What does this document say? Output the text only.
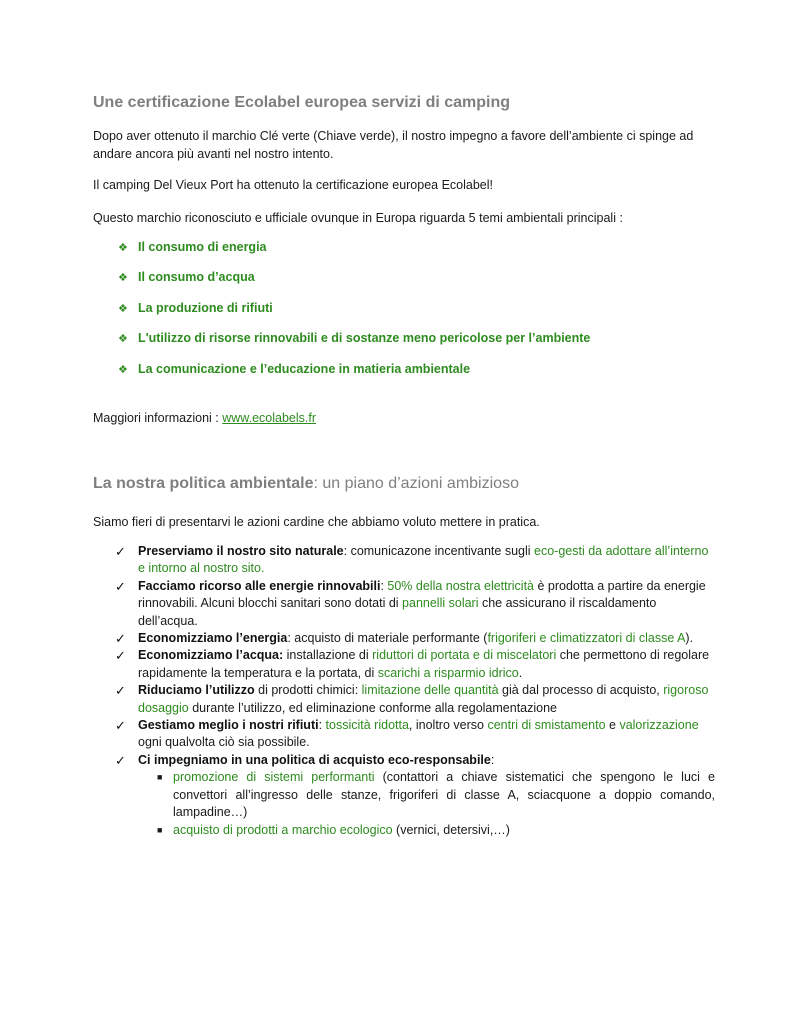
Une certificazione Ecolabel europea servizi di camping

Dopo aver ottenuto il marchio Clé verte (Chiave verde), il nostro impegno a favore dell’ambiente ci spinge ad andare ancora più avanti nel nostro intento.

Il camping Del Vieux Port ha ottenuto la certificazione europea Ecolabel!

Questo marchio riconosciuto e ufficiale ovunque in Europa riguarda 5 temi ambientali principali :

❖ Il consumo di energia
❖ Il consumo d’acqua
❖ La produzione di rifiuti
❖ L'utilizzo di risorse rinnovabili e di sostanze meno pericolose per l’ambiente
❖ La comunicazione e l’educazione in matieria ambientale

Maggiori informazioni : www.ecolabels.fr

La nostra politica ambientale: un piano d’azioni ambizioso

Siamo fieri di presentarvi le azioni cardine che abbiamo voluto mettere in pratica.

✓ Preserviamo il nostro sito naturale: comunicazone incentivante sugli eco-gesti da adottare all’interno e intorno al nostro sito.
✓ Facciamo ricorso alle energie rinnovabili: 50% della nostra elettricità è prodotta a partire da energie rinnovabili. Alcuni blocchi sanitari sono dotati di pannelli solari che assicurano il riscaldamento dell’acqua.
✓ Economizziamo l’energia: acquisto di materiale performante (frigoriferi e climatizzatori di classe A).
✓ Economizziamo l’acqua: installazione di riduttori di portata e di miscelatori che permettono di regolare rapidamente la temperatura e la portata, di scarichi a risparmio idrico.
✓ Riduciamo l’utilizzo di prodotti chimici: limitazione delle quantità già dal processo di acquisto, rigoroso dosaggio durante l’utilizzo, ed eliminazione conforme alla regolamentazione
✓ Gestiamo meglio i nostri rifiuti: tossicità ridotta, inoltro verso centri di smistamento e valorizzazione ogni qualvolta ciò sia possibile.
✓ Ci impegniamo in una politica di acquisto eco-responsabile:
■ promozione di sistemi performanti (contattori a chiave sistematici che spengono le luci e convettori all’ingresso delle stanze, frigoriferi di classe A, sciacquone a doppio comando, lampadine…)
■ acquisto di prodotti a marchio ecologico (vernici, detersivi,…)
